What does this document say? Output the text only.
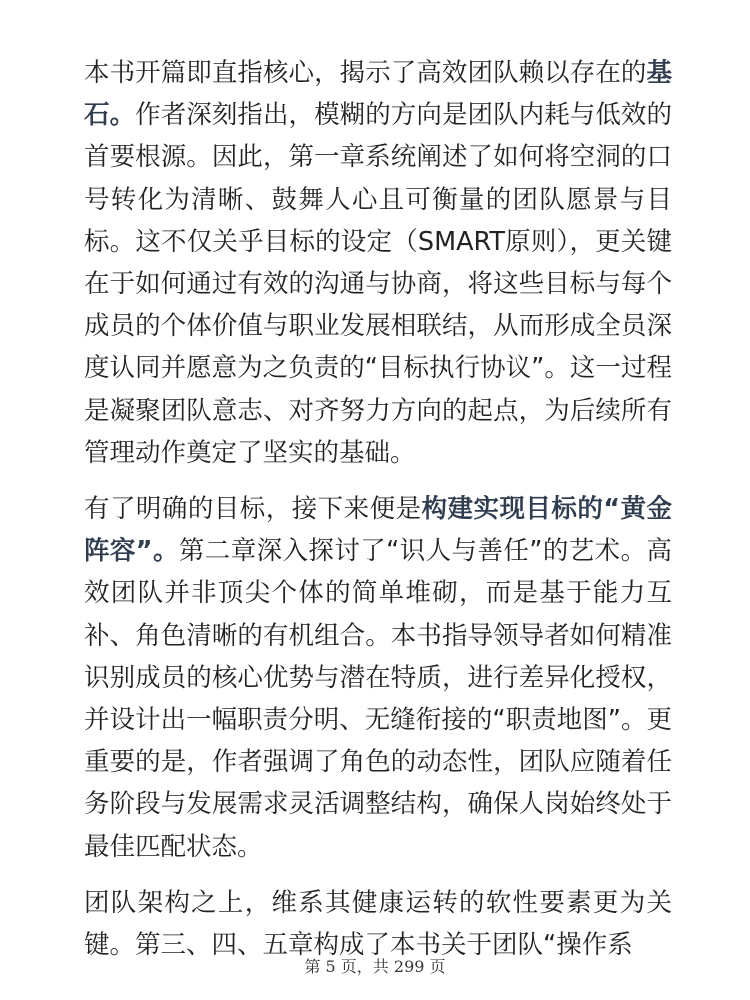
本书开篇即直指核心，揭示了高效团队赖以存在的基石。作者深刻指出，模糊的方向是团队内耗与低效的首要根源。因此，第一章系统阐述了如何将空洞的口号转化为清晰、鼓舞人心且可衡量的团队愿景与目标。这不仅关乎目标的设定（SMART原则），更关键在于如何通过有效的沟通与协商，将这些目标与每个成员的个体价值与职业发展相联结，从而形成全员深度认同并愿意为之负责的“目标执行协议”。这一过程是凝聚团队意志、对齐努力方向的起点，为后续所有管理动作奠定了坚实的基础。

有了明确的目标，接下来便是构建实现目标的“黄金阵容”。第二章深入探讨了“识人与善任”的艺术。高效团队并非顶尖个体的简单堆砌，而是基于能力互补、角色清晰的有机组合。本书指导领导者如何精准识别成员的核心优势与潜在特质，进行差异化授权，并设计出一幅职责分明、无缝衔接的“职责地图”。更重要的是，作者强调了角色的动态性，团队应随着任务阶段与发展需求灵活调整结构，确保人岗始终处于最佳匹配状态。

团队架构之上，维系其健康运转的软性要素更为关键。第三、四、五章构成了本书关于团队“操作系

第 5 页，共 299 页
